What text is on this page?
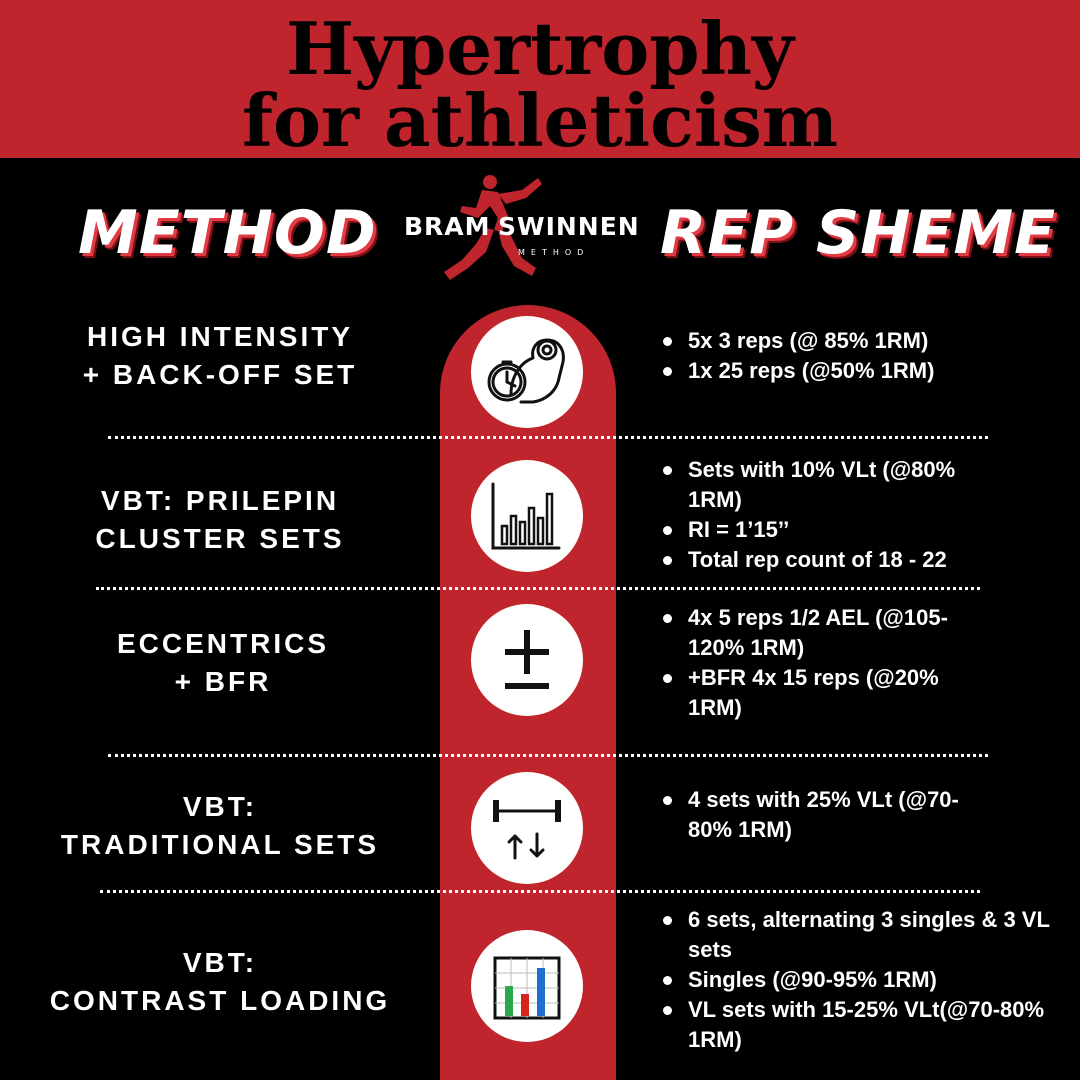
Hypertrophy
for athleticism
METHOD	REP SHEME
BRAM SWINNEN
METHOD
HIGH INTENSITY
+ BACK-OFF SET
5x 3 reps (@ 85% 1RM)
1x 25 reps (@50% 1RM)
VBT: PRILEPIN
CLUSTER SETS
Sets with 10% VLt (@80% 1RM)
RI = 1’15’’
Total rep count of 18 - 22
ECCENTRICS
+ BFR
4x 5 reps 1/2 AEL (@105-120% 1RM)
+BFR 4x 15 reps (@20% 1RM)
VBT:
TRADITIONAL SETS
4 sets with 25% VLt (@70-80% 1RM)
VBT:
CONTRAST LOADING
6 sets, alternating 3 singles & 3 VL sets
Singles (@90-95% 1RM)
VL sets with 15-25% VLt(@70-80% 1RM)
